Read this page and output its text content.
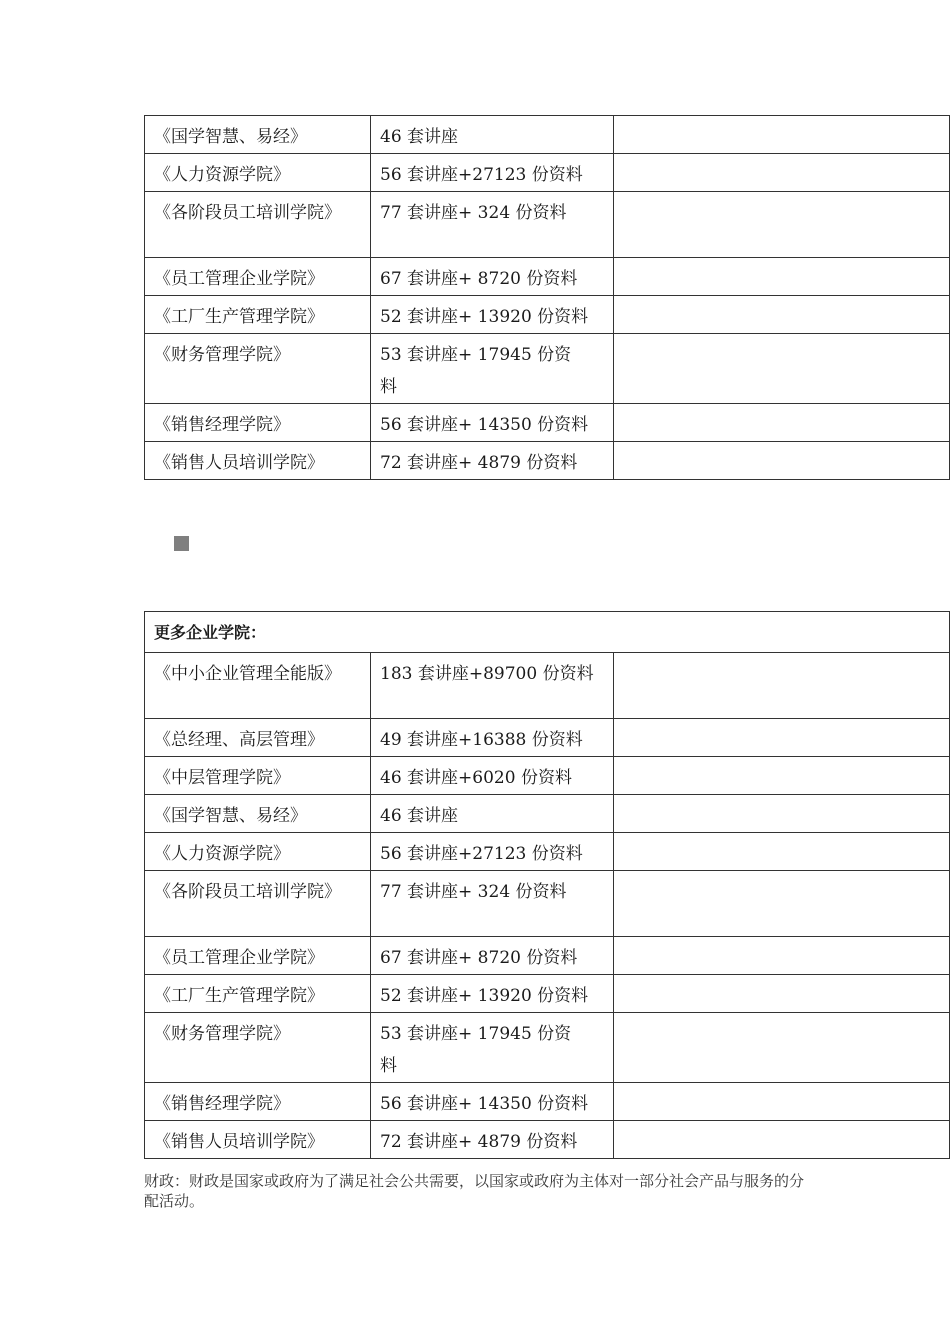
《国学智慧、易经》	46 套讲座	
《人力资源学院》	56 套讲座+27123 份资料	
《各阶段员工培训学院》	77 套讲座+ 324 份资料	
《员工管理企业学院》	67 套讲座+ 8720 份资料	
《工厂生产管理学院》	52 套讲座+ 13920 份资料	
《财务管理学院》	53 套讲座+ 17945 份资料	
《销售经理学院》	56 套讲座+ 14350 份资料	
《销售人员培训学院》	72 套讲座+ 4879 份资料	
更多企业学院：		
《中小企业管理全能版》	183 套讲座+89700 份资料	
《总经理、高层管理》	49 套讲座+16388 份资料	
《中层管理学院》	46 套讲座+6020 份资料	
《国学智慧、易经》	46 套讲座	
《人力资源学院》	56 套讲座+27123 份资料	
《各阶段员工培训学院》	77 套讲座+ 324 份资料	
《员工管理企业学院》	67 套讲座+ 8720 份资料	
《工厂生产管理学院》	52 套讲座+ 13920 份资料	
《财务管理学院》	53 套讲座+ 17945 份资料	
《销售经理学院》	56 套讲座+ 14350 份资料	
《销售人员培训学院》	72 套讲座+ 4879 份资料	
财政：财政是国家或政府为了满足社会公共需要，以国家或政府为主体对一部分社会产品与服务的分配活动。
